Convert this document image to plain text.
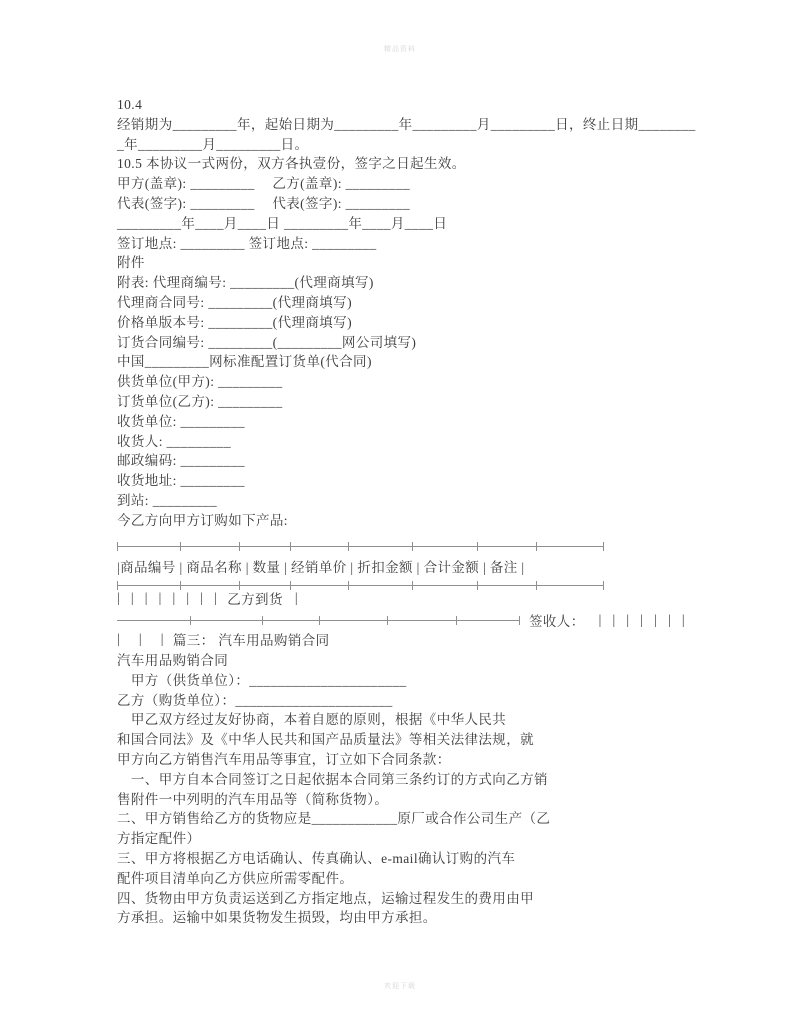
精品资料
10.4
经销期为_________年，起始日期为_________年_________月_________日，终止日期________
_年_________月_________日。
10.5 本协议一式两份，双方各执壹份，签字之日起生效。
甲方(盖章): _________　 乙方(盖章): _________
代表(签字): _________　 代表(签字): _________
_________年____月____日 _________年____月____日
签订地点: _________ 签订地点: _________
附件
附表: 代理商编号: _________(代理商填写)
代理商合同号: _________(代理商填写)
价格单版本号: _________(代理商填写)
订货合同编号: _________(_________网公司填写)
中国_________网标准配置订货单(代合同)
供货单位(甲方): _________
订货单位(乙方): _________
收货单位: _________
收货人: _________
邮政编码: _________
收货地址: _________
到站: _________
今乙方向甲方订购如下产品:
|商品编号 | 商品名称 | 数量 | 经销单价 | 折扣金额 | 合计金额 | 备注 |
| | | | | | | | 乙方到货 |

签收人： | | | | | | |
| | | 篇三： 汽车用品购销合同
汽车用品购销合同
　甲方（供货单位）：______________________
乙方（购货单位）：______________________
　甲乙双方经过友好协商，本着自愿的原则，根据《中华人民共
和国合同法》及《中华人民共和国产品质量法》等相关法律法规，就
甲方向乙方销售汽车用品等事宜，订立如下合同条款：
　一、甲方自本合同签订之日起依据本合同第三条约订的方式向乙方销
售附件一中列明的汽车用品等（简称货物）。
二、甲方销售给乙方的货物应是____________原厂或合作公司生产（乙
方指定配件）
三、甲方将根据乙方电话确认、传真确认、e-mail确认订购的汽车
配件项目清单向乙方供应所需零配件。
四、货物由甲方负责运送到乙方指定地点，运输过程发生的费用由甲
方承担。运输中如果货物发生损毁，均由甲方承担。
欢迎下载
